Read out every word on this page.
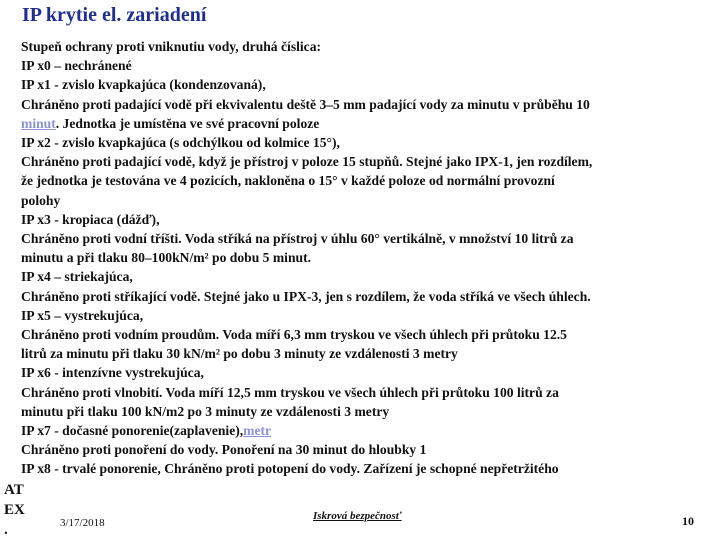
IP krytie el. zariadení
Stupeň ochrany proti vniknutiu vody, druhá číslica:
IP x0 – nechránené
IP x1 - zvislo kvapkajúca (kondenzovaná),
Chráněno proti padající vodě při ekvivalentu deště 3–5 mm padající vody za minutu v průběhu 10
minut. Jednotka je umístěna ve své pracovní poloze
IP x2 - zvislo kvapkajúca (s odchýlkou od kolmice 15°),
Chráněno proti padající vodě, když je přístroj v poloze 15 stupňů. Stejné jako IPX-1, jen rozdílem,
že jednotka je testována ve 4 pozicích, nakloněna o 15° v každé poloze od normální provozní
polohy
IP x3 - kropiaca (dážď),
Chráněno proti vodní tříšti. Voda stříká na přístroj v úhlu 60° vertikálně, v množství 10 litrů za
minutu a při tlaku 80–100kN/m² po dobu 5 minut.
IP x4 – striekajúca,
Chráněno proti stříkající vodě. Stejné jako u IPX-3, jen s rozdílem, že voda stříká ve všech úhlech.
IP x5 – vystrekujúca,
Chráněno proti vodním proudům. Voda míří 6,3 mm tryskou ve všech úhlech při průtoku 12.5
litrů za minutu při tlaku 30 kN/m² po dobu 3 minuty ze vzdálenosti 3 metry
IP x6 - intenzívne vystrekujúca,
Chráněno proti vlnobití. Voda míří 12,5 mm tryskou ve všech úhlech při průtoku 100 litrů za
minutu při tlaku 100 kN/m2 po 3 minuty ze vzdálenosti 3 metry
IP x7 - dočasné ponorenie(zaplavenie),metr
Chráněno proti ponoření do vody. Ponoření na 30 minut do hloubky 1
IP x8 - trvalé ponorenie, Chráněno proti potopení do vody. Zařízení je schopné nepřetržitého
AT
EX
.	3/17/2018
Iskrová bezpečnosť	10
